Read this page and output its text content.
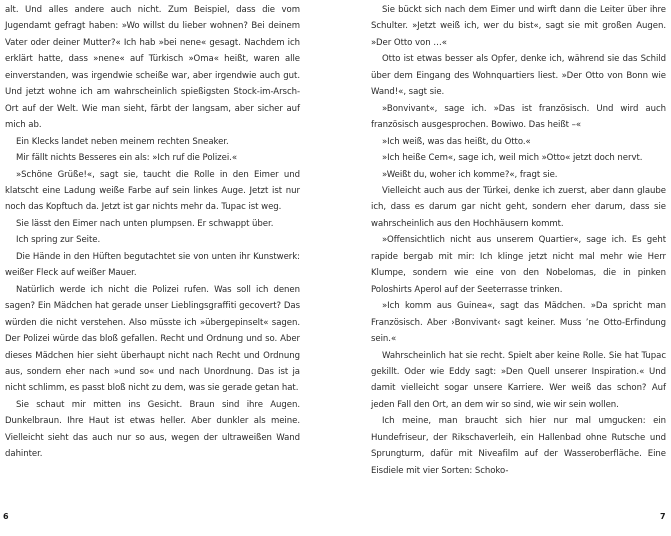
alt. Und alles andere auch nicht. Zum Beispiel, dass die vom Jugendamt gefragt haben: »Wo willst du lieber wohnen? Bei deinem Vater oder deiner Mutter?« Ich hab »bei nene« gesagt. Nachdem ich erklärt hatte, dass »nene« auf Türkisch »Oma« heißt, waren alle einverstanden, was irgendwie scheiße war, aber irgendwie auch gut. Und jetzt wohne ich am wahrscheinlich spießigsten Stock-im-Arsch-Ort auf der Welt. Wie man sieht, färbt der langsam, aber sicher auf mich ab.

Ein Klecks landet neben meinem rechten Sneaker.

Mir fällt nichts Besseres ein als: »Ich ruf die Polizei.«

»Schöne Grüße!«, sagt sie, taucht die Rolle in den Eimer und klatscht eine Ladung weiße Farbe auf sein linkes Auge. Jetzt ist nur noch das Kopftuch da. Jetzt ist gar nichts mehr da. Tupac ist weg.

Sie lässt den Eimer nach unten plumpsen. Er schwappt über.

Ich spring zur Seite.

Die Hände in den Hüften begutachtet sie von unten ihr Kunstwerk: weißer Fleck auf weißer Mauer.

Natürlich werde ich nicht die Polizei rufen. Was soll ich denen sagen? Ein Mädchen hat gerade unser Lieblingsgraffiti gecovert? Das würden die nicht verstehen. Also müsste ich »übergepinselt« sagen. Der Polizei würde das bloß gefallen. Recht und Ordnung und so. Aber dieses Mädchen hier sieht überhaupt nicht nach Recht und Ordnung aus, sondern eher nach »und so« und nach Unordnung. Das ist ja nicht schlimm, es passt bloß nicht zu dem, was sie gerade getan hat.

Sie schaut mir mitten ins Gesicht. Braun sind ihre Augen. Dunkelbraun. Ihre Haut ist etwas heller. Aber dunkler als meine. Vielleicht sieht das auch nur so aus, wegen der ultraweißen Wand dahinter.

Sie bückt sich nach dem Eimer und wirft dann die Leiter über ihre Schulter. »Jetzt weiß ich, wer du bist«, sagt sie mit großen Augen. »Der Otto von …«

Otto ist etwas besser als Opfer, denke ich, während sie das Schild über dem Eingang des Wohnquartiers liest. »Der Otto von Bonn wie Wand!«, sagt sie.

»Bonvivant«, sage ich. »Das ist französisch. Und wird auch französisch ausgesprochen. Bowiwo. Das heißt –«

»Ich weiß, was das heißt, du Otto.«

»Ich heiße Cem«, sage ich, weil mich »Otto« jetzt doch nervt.

»Weißt du, woher ich komme?«, fragt sie.

Vielleicht auch aus der Türkei, denke ich zuerst, aber dann glaube ich, dass es darum gar nicht geht, sondern eher darum, dass sie wahrscheinlich aus den Hochhäusern kommt.

»Offensichtlich nicht aus unserem Quartier«, sage ich. Es geht rapide bergab mit mir: Ich klinge jetzt nicht mal mehr wie Herr Klumpe, sondern wie eine von den Nobelomas, die in pinken Poloshirts Aperol auf der Seeterrasse trinken.

»Ich komm aus Guinea«, sagt das Mädchen. »Da spricht man Französisch. Aber ›Bonvivant‹ sagt keiner. Muss ’ne Otto-Erfindung sein.«

Wahrscheinlich hat sie recht. Spielt aber keine Rolle. Sie hat Tupac gekillt. Oder wie Eddy sagt: »Den Quell unserer Inspiration.« Und damit vielleicht sogar unsere Karriere. Wer weiß das schon? Auf jeden Fall den Ort, an dem wir so sind, wie wir sein wollen.

Ich meine, man braucht sich hier nur mal umgucken: ein Hundefriseur, der Rikschaverleih, ein Hallenbad ohne Rutsche und Sprungturm, dafür mit Niveafilm auf der Wasseroberfläche. Eine Eisdiele mit vier Sorten: Schoko-

6	7
